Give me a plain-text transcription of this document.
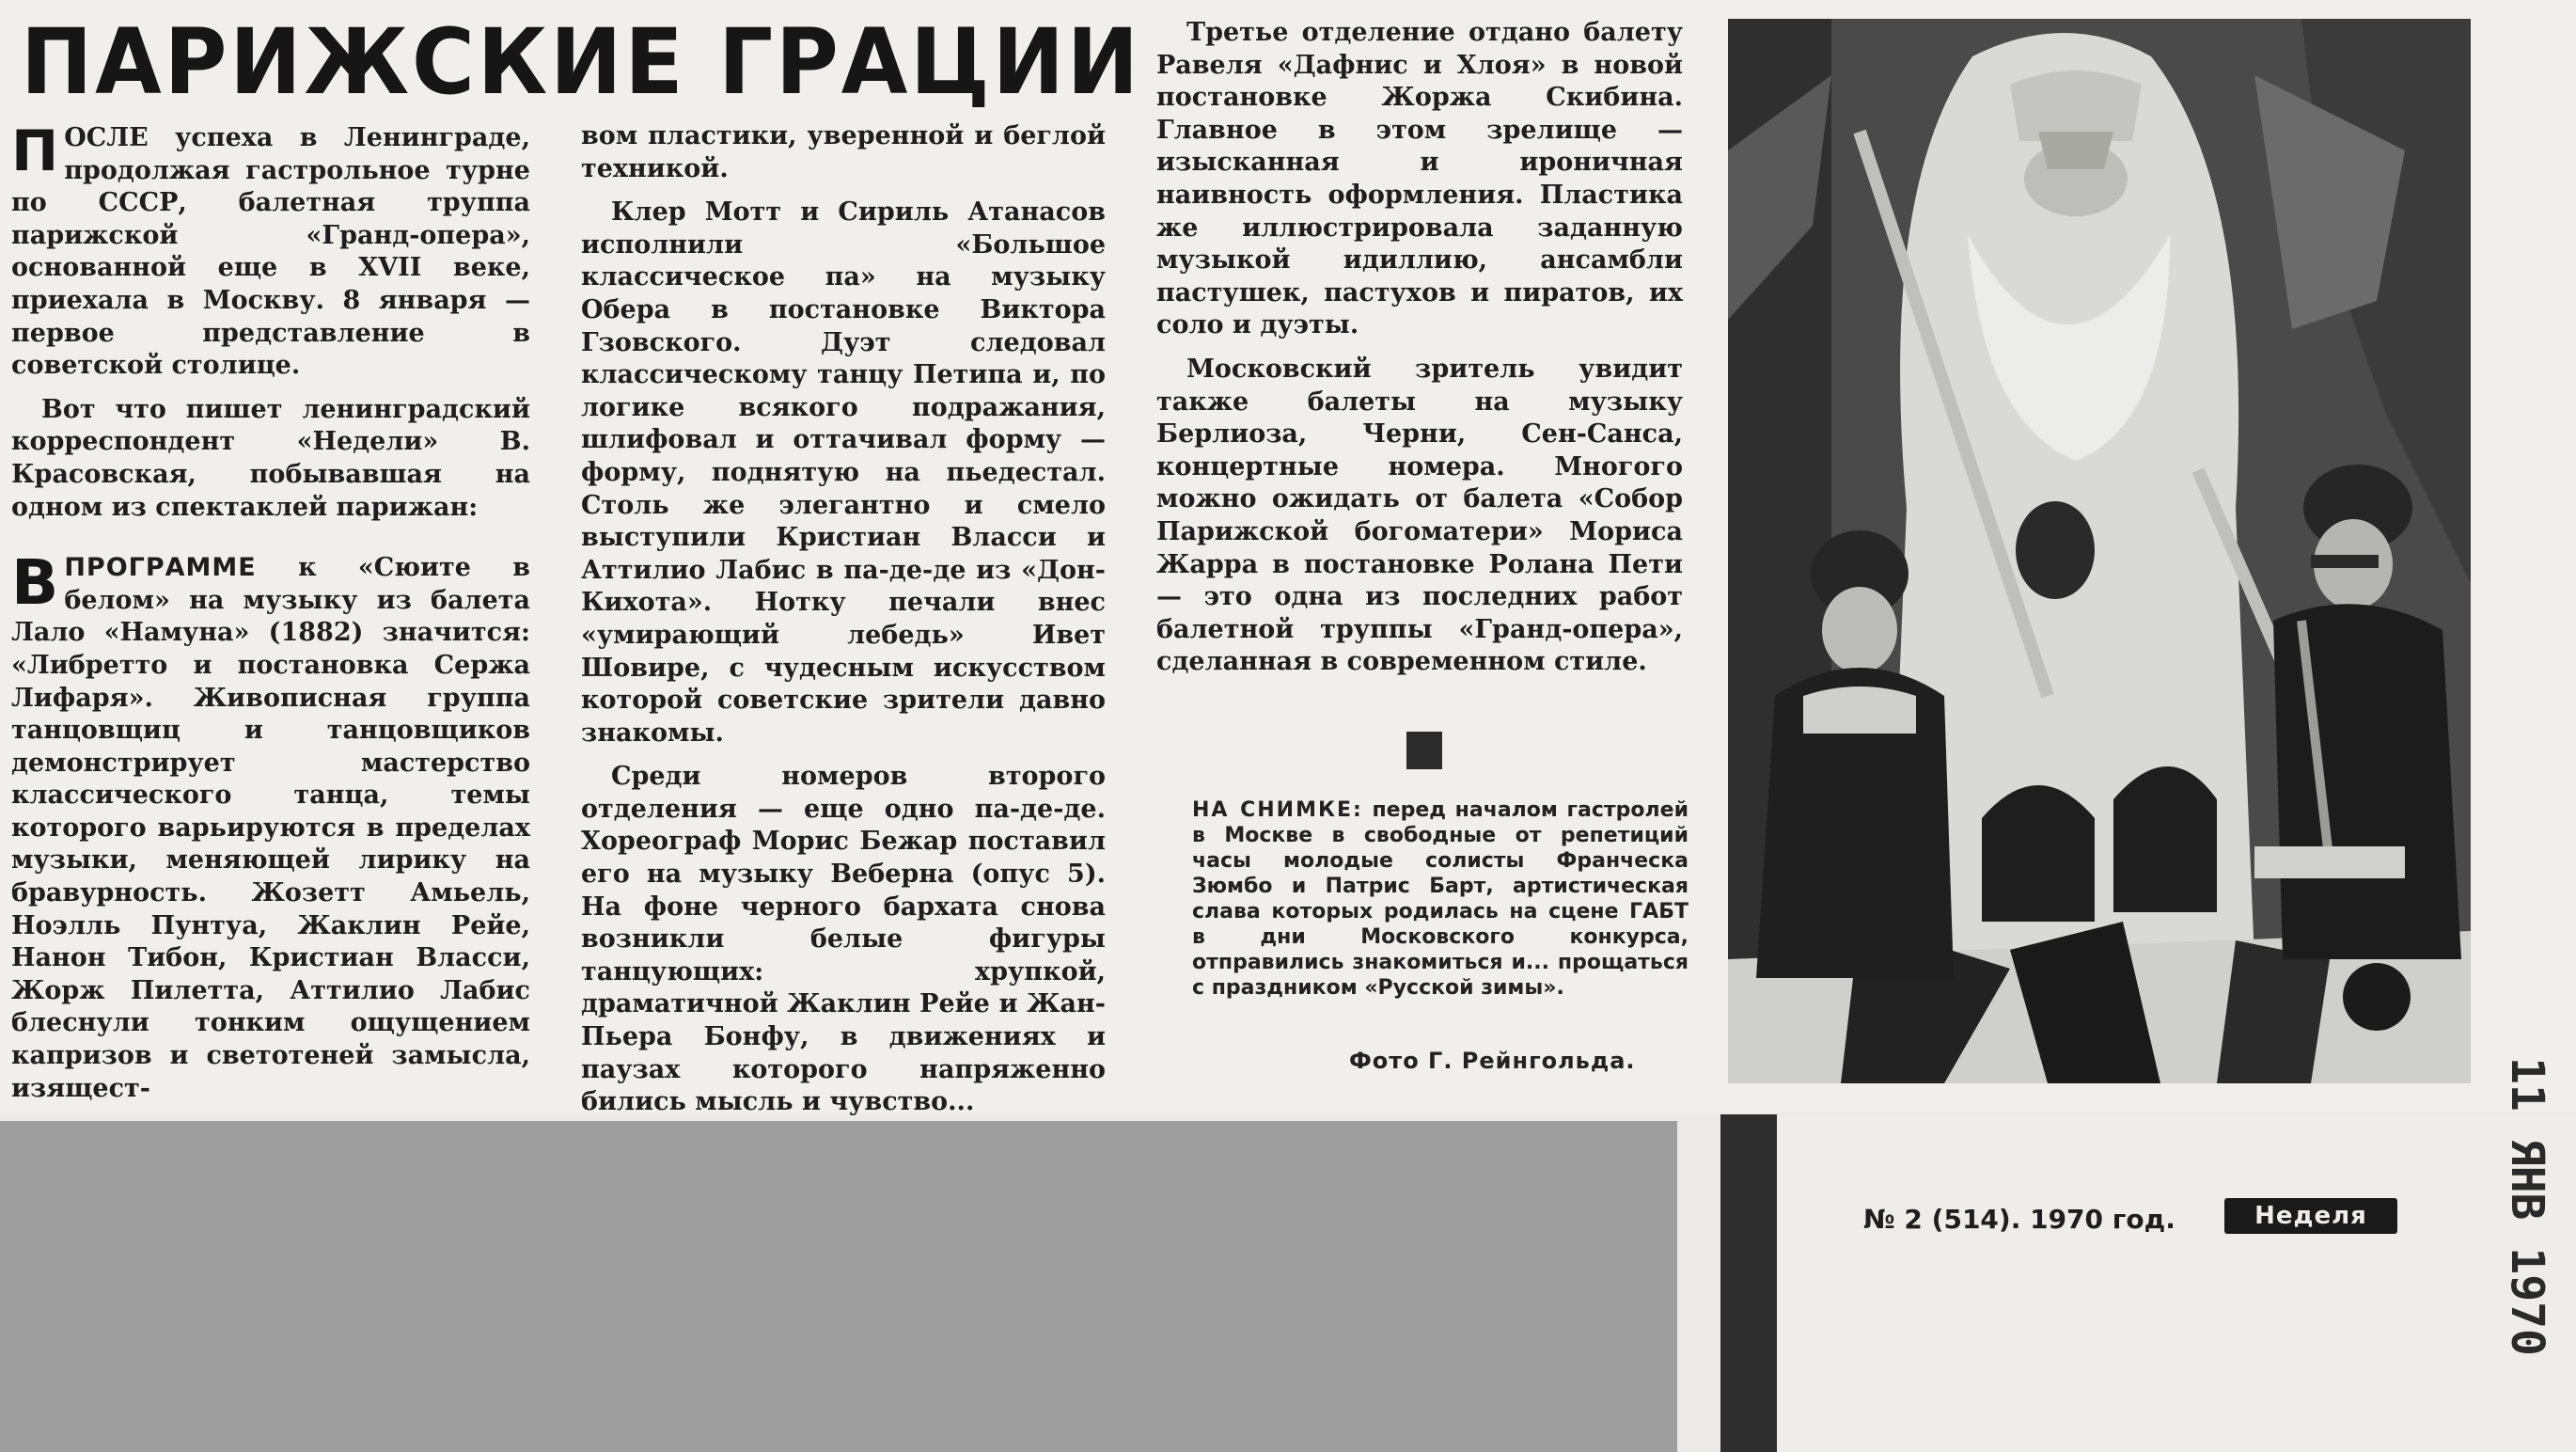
ПАРИЖСКИЕ ГРАЦИИ

ПОСЛЕ успеха в Ленинграде, продолжая гастрольное турне по СССР, балетная труппа парижской «Гранд-опера», основанной еще в XVII веке, приехала в Москву. 8 января — первое представление в советской столице.

Вот что пишет ленинградский корреспондент «Недели» В. Красовская, побывавшая на одном из спектаклей парижан:

ВПРОГРАММЕ к «Сюите в белом» на музыку из балета Лало «Намуна» (1882) значится: «Либретто и постановка Сержа Лифаря». Живописная группа танцовщиц и танцовщиков демонстрирует мастерство классического танца, темы которого варьируются в пределах музыки, меняющей лирику на бравурность. Жозетт Амьель, Ноэлль Пунтуа, Жаклин Рейе, Нанон Тибон, Кристиан Власси, Жорж Пилетта, Аттилио Лабис блеснули тонким ощущением капризов и светотеней замысла, изящест-

вом пластики, уверенной и беглой техникой.

Клер Мотт и Сириль Атанасов исполнили «Большое классическое па» на музыку Обера в постановке Виктора Гзовского. Дуэт следовал классическому танцу Петипа и, по логике всякого подражания, шлифовал и оттачивал форму — форму, поднятую на пьедестал. Столь же элегантно и смело выступили Кристиан Власси и Аттилио Лабис в па-де-де из «Дон-Кихота». Нотку печали внес «умирающий лебедь» Ивет Шовире, с чудесным искусством которой советские зрители давно знакомы.

Среди номеров второго отделения — еще одно па-де-де. Хореограф Морис Бежар поставил его на музыку Веберна (опус 5). На фоне черного бархата снова возникли белые фигуры танцующих: хрупкой, драматичной Жаклин Рейе и Жан-Пьера Бонфу, в движениях и паузах которого напряженно бились мысль и чувство...

Третье отделение отдано балету Равеля «Дафнис и Хлоя» в новой постановке Жоржа Скибина. Главное в этом зрелище — изысканная и ироничная наивность оформления. Пластика же иллюстрировала заданную музыкой идиллию, ансамбли пастушек, пастухов и пиратов, их соло и дуэты.

Московский зритель увидит также балеты на музыку Берлиоза, Черни, Сен-Санса, концертные номера. Многого можно ожидать от балета «Собор Парижской богоматери» Мориса Жарра в постановке Ролана Пети — это одна из последних работ балетной труппы «Гранд-опера», сделанная в современном стиле.

НА СНИМКЕ: перед началом гастролей в Москве в свободные от репетиций часы молодые солисты Франческа Зюмбо и Патрис Барт, артистическая слава которых родилась на сцене ГАБТ в дни Московского конкурса, отправились знакомиться и... прощаться с праздником «Русской зимы».
Фото Г. Рейнгольда.
№ 2 (514). 1970 год.	Неделя	11 ЯНВ 1970
